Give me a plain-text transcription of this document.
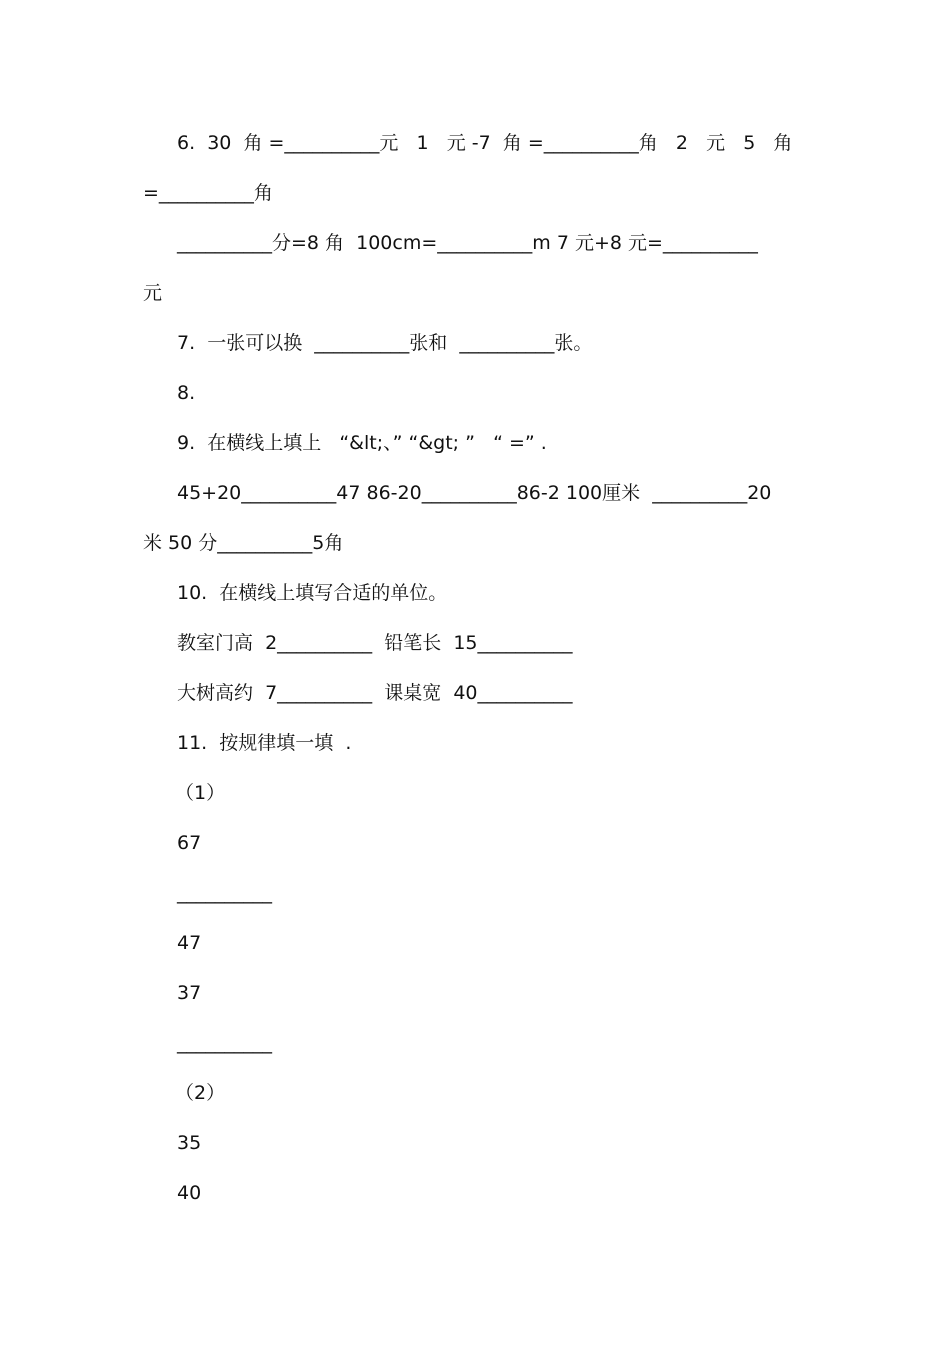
6.  30  角 =__________元   1   元 -7  角 =__________角   2   元   5   角

=__________角

__________分=8 角  100cm=__________m 7 元+8 元=__________

元

7.  一张可以换  __________张和  __________张。

8.

9.  在横线上填上   “&lt;、” “&gt; ”   “ =” .

45+20__________47 86-20__________86-2 100厘米  __________20

米 50 分__________5角

10.  在横线上填写合适的单位。

教室门高  2__________  铅笔长  15__________

大树高约  7__________  课桌宽  40__________

11.  按规律填一填  .

（1）

67

__________

47

37

__________

（2）

35

40
